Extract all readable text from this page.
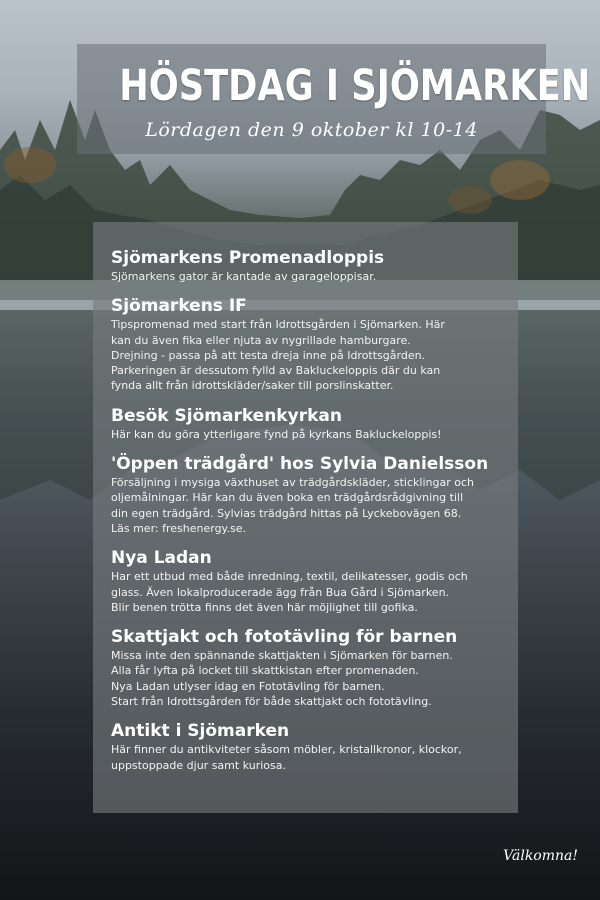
HÖSTDAG I SJÖMARKEN
Lördagen den 9 oktober kl 10-14
Sjömarkens Promenadloppis

Sjömarkens gator är kantade av garageloppisar.

Sjömarkens IF

Tipspromenad med start från Idrottsgården i Sjömarken. Här
kan du även fika eller njuta av nygrillade hamburgare.
Drejning - passa på att testa dreja inne på Idrottsgården.
Parkeringen är dessutom fylld av Bakluckeloppis där du kan
fynda allt från idrottskläder/saker till porslinskatter.

Besök Sjömarkenkyrkan

Här kan du göra ytterligare fynd på kyrkans Bakluckeloppis!

'Öppen trädgård' hos Sylvia Danielsson

Försäljning i mysiga växthuset av trädgårdskläder, sticklingar och
oljemålningar. Här kan du även boka en trädgårdsrådgivning till
din egen trädgård. Sylvias trädgård hittas på Lyckebovägen 68.
Läs mer: freshenergy.se.

Nya Ladan

Har ett utbud med både inredning, textil, delikatesser, godis och
glass. Även lokalproducerade ägg från Bua Gård i Sjömarken.
Blir benen trötta finns det även här möjlighet till gofika.

Skattjakt och fototävling för barnen

Missa inte den spännande skattjakten i Sjömarken för barnen.
Alla får lyfta på locket till skattkistan efter promenaden.
Nya Ladan utlyser idag en Fototävling för barnen.
Start från Idrottsgården för både skattjakt och fototävling.

Antikt i Sjömarken

Här finner du antikviteter såsom möbler, kristallkronor, klockor,
uppstoppade djur samt kuriosa.

Välkomna!
